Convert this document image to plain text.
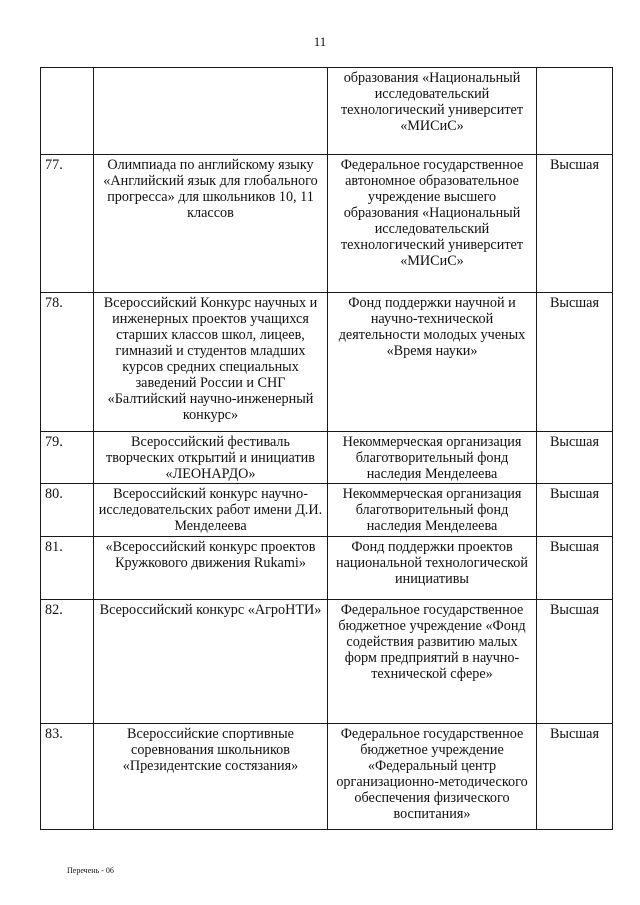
11
		образования «Национальный исследовательский технологический университет «МИСиС»	
77.	Олимпиада по английскому языку «Английский язык для глобального прогресса» для школьников 10, 11 классов	Федеральное государственное автономное образовательное учреждение высшего образования «Национальный исследовательский технологический университет «МИСиС»	Высшая
78.	Всероссийский Конкурс научных и инженерных проектов учащихся старших классов школ, лицеев, гимназий и студентов младших курсов средних специальных заведений России и СНГ «Балтийский научно-инженерный конкурс»	Фонд поддержки научной и научно-технической деятельности молодых ученых «Время науки»	Высшая
79.	Всероссийский фестиваль творческих открытий и инициатив «ЛЕОНАРДО»	Некоммерческая организация благотворительный фонд наследия Менделеева	Высшая
80.	Всероссийский конкурс научно-исследовательских работ имени Д.И. Менделеева	Некоммерческая организация благотворительный фонд наследия Менделеева	Высшая
81.	«Всероссийский конкурс проектов Кружкового движения Rukami»	Фонд поддержки проектов национальной технологической инициативы	Высшая
82.	Всероссийский конкурс «АгроНТИ»	Федеральное государственное бюджетное учреждение «Фонд содействия развитию малых форм предприятий в научно-технической сфере»	Высшая
83.	Всероссийские спортивные соревнования школьников «Президентские состязания»	Федеральное государственное бюджетное учреждение «Федеральный центр организационно-методического обеспечения физического воспитания»	Высшая
Перечень - 06
